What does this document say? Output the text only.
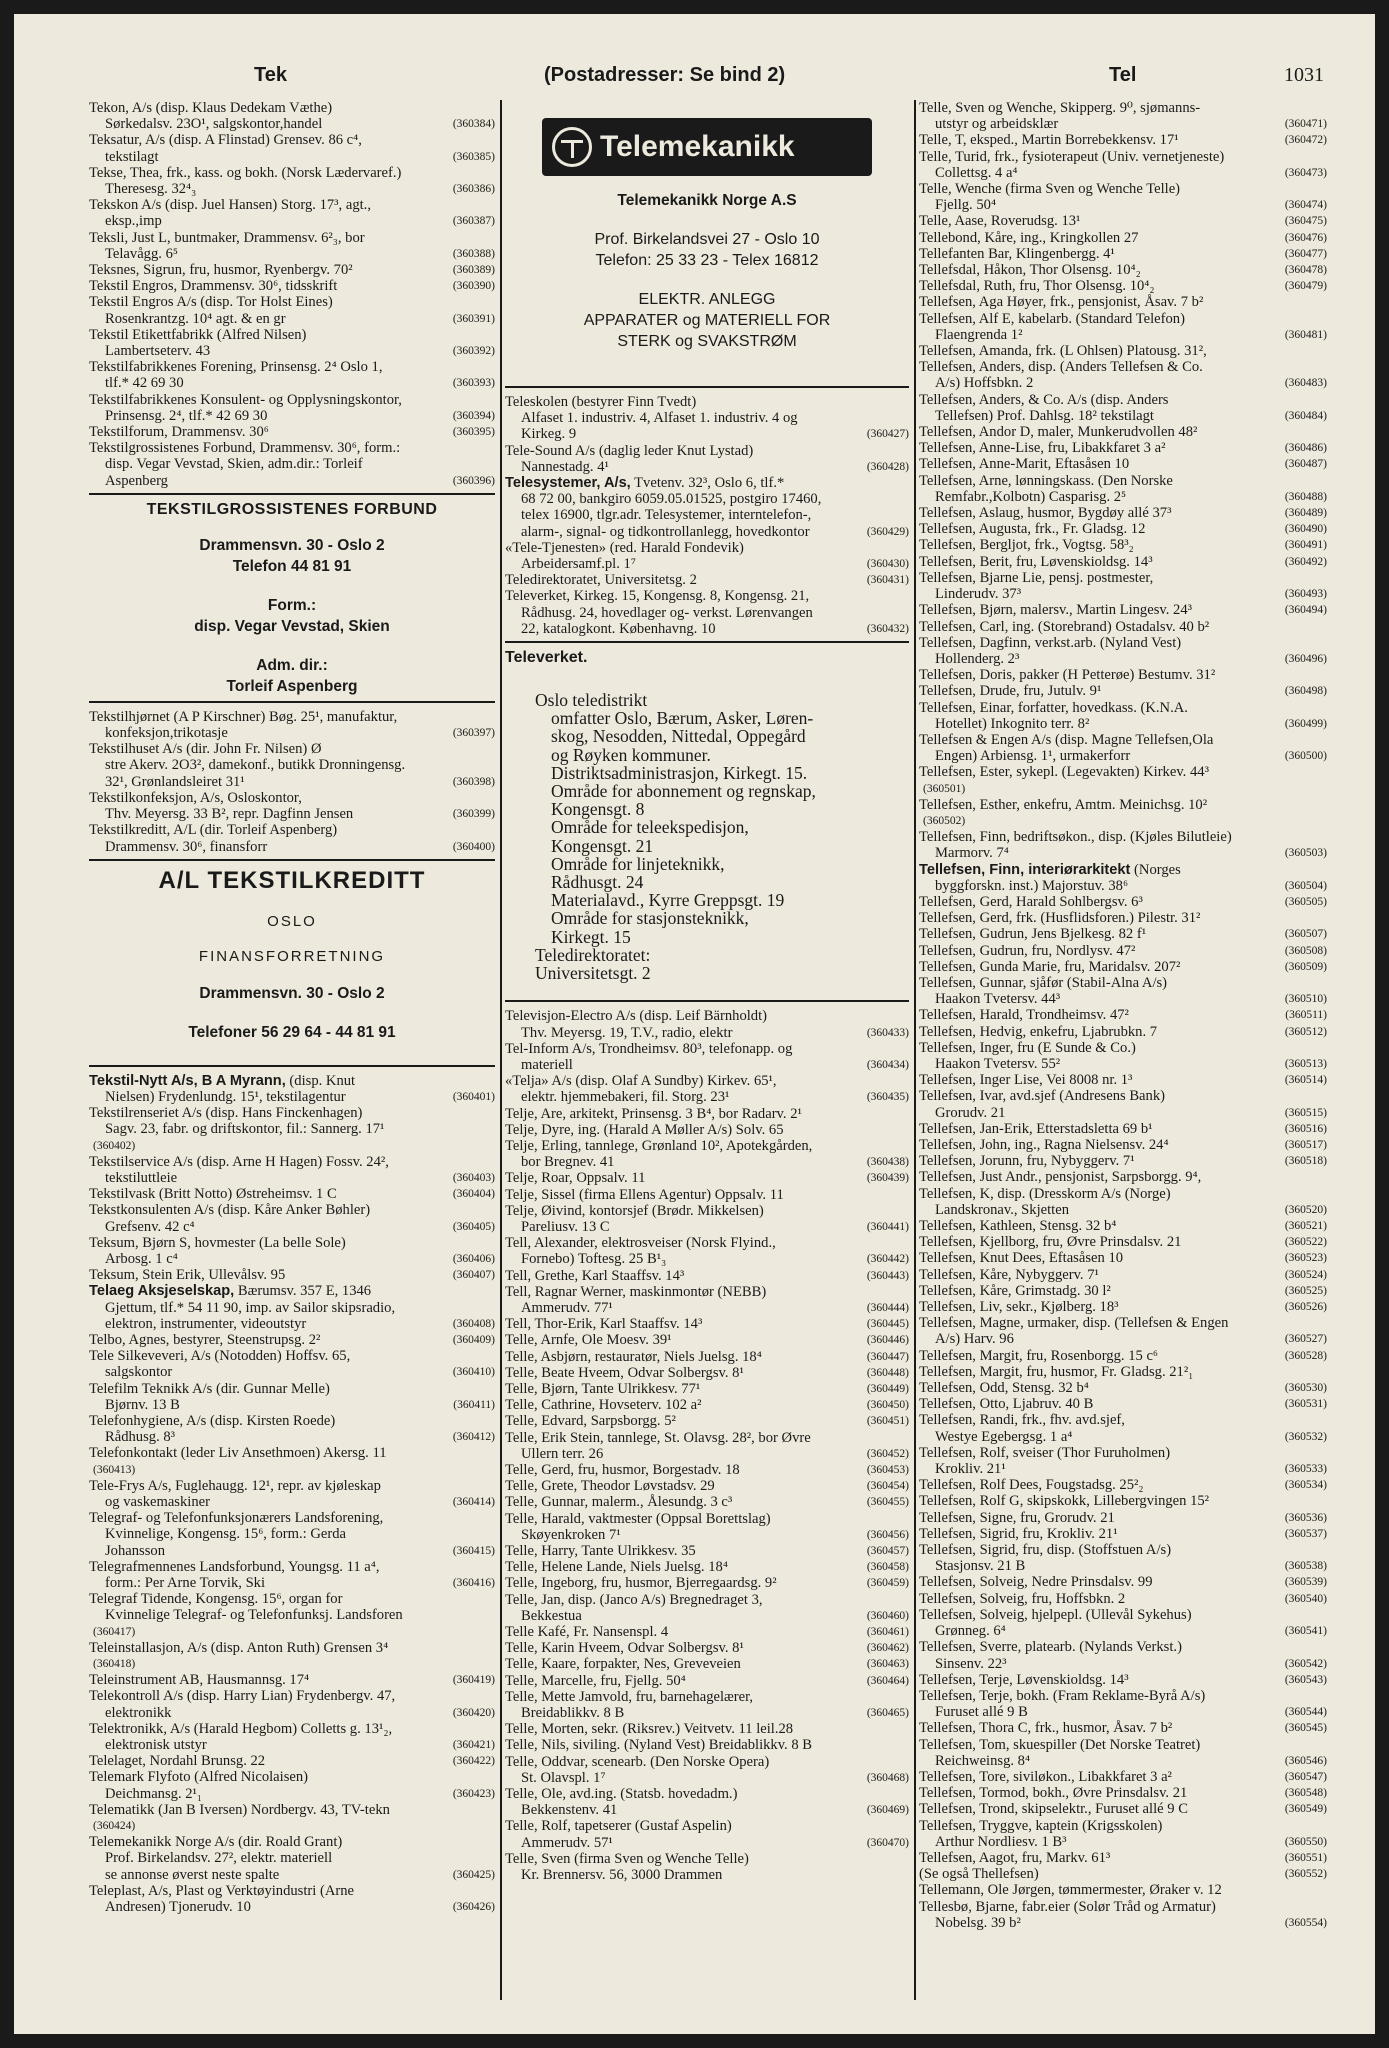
Tek	(Postadresser: Se bind 2)	Tel	1031
Tekon, A/s (disp. Klaus Dedekam Væthe)
Sørkedalsv. 23O¹, salgskontor,handel	(360384)
Teksatur, A/s (disp. A Flinstad) Grensev. 86 c⁴,
tekstilagt	(360385)
Tekse, Thea, frk., kass. og bokh. (Norsk Lædervaref.)
Theresesg. 32⁴₃	(360386)
Tekskon A/s (disp. Juel Hansen) Storg. 17³, agt.,
eksp.,imp	(360387)
Teksli, Just L, buntmaker, Drammensv. 6²₃, bor
Telavågg. 6⁵	(360388)
Teksnes, Sigrun, fru, husmor, Ryenbergv. 70²	(360389)
Tekstil Engros, Drammensv. 30⁶, tidsskrift	(360390)
Tekstil Engros A/s (disp. Tor Holst Eines)
Rosenkrantzg. 10⁴ agt. & en gr	(360391)
Tekstil Etikettfabrikk (Alfred Nilsen)
Lambertseterv. 43	(360392)
Tekstilfabrikkenes Forening, Prinsensg. 2⁴ Oslo 1,
tlf.* 42 69 30	(360393)
Tekstilfabrikkenes Konsulent- og Opplysningskontor,
Prinsensg. 2⁴, tlf.* 42 69 30	(360394)
Tekstilforum, Drammensv. 30⁶	(360395)
Tekstilgrossistenes Forbund, Drammensv. 30⁶, form.:
disp. Vegar Vevstad, Skien, adm.dir.: Torleif
Aspenberg	(360396)
TEKSTILGROSSISTENES FORBUND
Drammensvn. 30 - Oslo 2
Telefon 44 81 91
Form.:
disp. Vegar Vevstad, Skien
Adm. dir.:
Torleif Aspenberg
Tekstilhjørnet (A P Kirschner) Bøg. 25¹, manufaktur,
konfeksjon,trikotasje	(360397)
Tekstilhuset A/s (dir. John Fr. Nilsen) Ø
stre Akerv. 2O3², damekonf., butikk Dronningensg.
32¹, Grønlandsleiret 31¹	(360398)
Tekstilkonfeksjon, A/s, Osloskontor,
Thv. Meyersg. 33 B², repr. Dagfinn Jensen	(360399)
Tekstilkreditt, A/L (dir. Torleif Aspenberg)
Drammensv. 30⁶, finansforr	(360400)
A/L TEKSTILKREDITT
OSLO
FINANSFORRETNING
Drammensvn. 30 - Oslo 2
Telefoner 56 29 64 - 44 81 91
Tekstil-Nytt A/s, B A Myrann, (disp. Knut
Nielsen) Frydenlundg. 15¹, tekstilagentur	(360401)
Tekstilrenseriet A/s (disp. Hans Finckenhagen)
Sagv. 23, fabr. og driftskontor, fil.: Sannerg. 17¹
(360402)
Tekstilservice A/s (disp. Arne H Hagen) Fossv. 24²,
tekstiluttleie	(360403)
Tekstilvask (Britt Notto) Østreheimsv. 1 C	(360404)
Tekstkonsulenten A/s (disp. Kåre Anker Bøhler)
Grefsenv. 42 c⁴	(360405)
Teksum, Bjørn S, hovmester (La belle Sole)
Arbosg. 1 c⁴	(360406)
Teksum, Stein Erik, Ullevålsv. 95	(360407)
Telaeg Aksjeselskap, Bærumsv. 357 E, 1346
Gjettum, tlf.* 54 11 90, imp. av Sailor skipsradio,
elektron, instrumenter, videoutstyr	(360408)
Telbo, Agnes, bestyrer, Steenstrupsg. 2²	(360409)
Tele Silkeveveri, A/s (Notodden) Hoffsv. 65,
salgskontor	(360410)
Telefilm Teknikk A/s (dir. Gunnar Melle)
Bjørnv. 13 B	(360411)
Telefonhygiene, A/s (disp. Kirsten Roede)
Rådhusg. 8³	(360412)
Telefonkontakt (leder Liv Ansethmoen) Akersg. 11
(360413)
Tele-Frys A/s, Fuglehaugg. 12¹, repr. av kjøleskap
og vaskemaskiner	(360414)
Telegraf- og Telefonfunksjonærers Landsforening,
Kvinnelige, Kongensg. 15⁶, form.: Gerda
Johansson	(360415)
Telegrafmennenes Landsforbund, Youngsg. 11 a⁴,
form.: Per Arne Torvik, Ski	(360416)
Telegraf Tidende, Kongensg. 15⁶, organ for
Kvinnelige Telegraf- og Telefonfunksj. Landsforen
(360417)
Teleinstallasjon, A/s (disp. Anton Ruth) Grensen 3⁴
(360418)
Teleinstrument AB, Hausmannsg. 17⁴	(360419)
Telekontroll A/s (disp. Harry Lian) Frydenbergv. 47,
elektronikk	(360420)
Telektronikk, A/s (Harald Hegbom) Colletts g. 13¹₂,
elektronisk utstyr	(360421)
Telelaget, Nordahl Brunsg. 22	(360422)
Telemark Flyfoto (Alfred Nicolaisen)
Deichmansg. 2¹₁	(360423)
Telematikk (Jan B Iversen) Nordbergv. 43, TV-tekn
(360424)
Telemekanikk Norge A/s (dir. Roald Grant)
Prof. Birkelandsv. 27², elektr. materiell
se annonse øverst neste spalte	(360425)
Teleplast, A/s, Plast og Verktøyindustri (Arne
Andresen) Tjonerudv. 10	(360426)
Telemekanikk
Telemekanikk Norge A.S
Prof. Birkelandsvei 27 - Oslo 10
Telefon: 25 33 23 - Telex 16812
ELEKTR. ANLEGG
APPARATER og MATERIELL FOR
STERK og SVAKSTRØM
Teleskolen (bestyrer Finn Tvedt)
Alfaset 1. industriv. 4, Alfaset 1. industriv. 4 og
Kirkeg. 9	(360427)
Tele-Sound A/s (daglig leder Knut Lystad)
Nannestadg. 4¹	(360428)
Telesystemer, A/s, Tvetenv. 32³, Oslo 6, tlf.*
68 72 00, bankgiro 6059.05.01525, postgiro 17460,
telex 16900, tlgr.adr. Telesystemer, interntelefon-,
alarm-, signal- og tidkontrollanlegg, hovedkontor	(360429)
«Tele-Tjenesten» (red. Harald Fondevik)
Arbeidersamf.pl. 1⁷	(360430)
Teledirektoratet, Universitetsg. 2	(360431)
Televerket, Kirkeg. 15, Kongensg. 8, Kongensg. 21,
Rådhusg. 24, hovedlager og- verkst. Lørenvangen
22, katalogkont. Københavng. 10	(360432)
Televerket.
Oslo teledistrikt
omfatter Oslo, Bærum, Asker, Løren-
skog, Nesodden, Nittedal, Oppegård
og Røyken kommuner.
Distriktsadministrasjon, Kirkegt. 15.
Område for abonnement og regnskap,
Kongensgt. 8
Område for teleekspedisjon,
Kongensgt. 21
Område for linjeteknikk,
Rådhusgt. 24
Materialavd., Kyrre Greppsgt. 19
Område for stasjonsteknikk,
Kirkegt. 15
Teledirektoratet:
Universitetsgt. 2
Televisjon-Electro A/s (disp. Leif Bärnholdt)
Thv. Meyersg. 19, T.V., radio, elektr	(360433)
Tel-Inform A/s, Trondheimsv. 80³, telefonapp. og
materiell	(360434)
«Telja» A/s (disp. Olaf A Sundby) Kirkev. 65¹,
elektr. hjemmebakeri, fil. Storg. 23¹	(360435)
Telje, Are, arkitekt, Prinsensg. 3 B⁴, bor Radarv. 2¹
Telje, Dyre, ing. (Harald A Møller A/s) Solv. 65
Telje, Erling, tannlege, Grønland 10², Apotekgården,
bor Bregnev. 41	(360438)
Telje, Roar, Oppsalv. 11	(360439)
Telje, Sissel (firma Ellens Agentur) Oppsalv. 11
Telje, Øivind, kontorsjef (Brødr. Mikkelsen)
Pareliusv. 13 C	(360441)
Tell, Alexander, elektrosveiser (Norsk Flyind.,
Fornebo) Toftesg. 25 B¹₃	(360442)
Tell, Grethe, Karl Staaffsv. 14³	(360443)
Tell, Ragnar Werner, maskinmontør (NEBB)
Ammerudv. 77¹	(360444)
Tell, Thor-Erik, Karl Staaffsv. 14³	(360445)
Telle, Arnfe, Ole Moesv. 39¹	(360446)
Telle, Asbjørn, restauratør, Niels Juelsg. 18⁴	(360447)
Telle, Beate Hveem, Odvar Solbergsv. 8¹	(360448)
Telle, Bjørn, Tante Ulrikkesv. 77¹	(360449)
Telle, Cathrine, Hovseterv. 102 a²	(360450)
Telle, Edvard, Sarpsborgg. 5²	(360451)
Telle, Erik Stein, tannlege, St. Olavsg. 28², bor Øvre
Ullern terr. 26	(360452)
Telle, Gerd, fru, husmor, Borgestadv. 18	(360453)
Telle, Grete, Theodor Løvstadsv. 29	(360454)
Telle, Gunnar, malerm., Ålesundg. 3 c³	(360455)
Telle, Harald, vaktmester (Oppsal Borettslag)
Skøyenkroken 7¹	(360456)
Telle, Harry, Tante Ulrikkesv. 35	(360457)
Telle, Helene Lande, Niels Juelsg. 18⁴	(360458)
Telle, Ingeborg, fru, husmor, Bjerregaardsg. 9²	(360459)
Telle, Jan, disp. (Janco A/s) Bregnedraget 3,
Bekkestua	(360460)
Telle Kafé, Fr. Nansenspl. 4	(360461)
Telle, Karin Hveem, Odvar Solbergsv. 8¹	(360462)
Telle, Kaare, forpakter, Nes, Greveveien	(360463)
Telle, Marcelle, fru, Fjellg. 50⁴	(360464)
Telle, Mette Jamvold, fru, barnehagelærer,
Breidablikkv. 8 B	(360465)
Telle, Morten, sekr. (Riksrev.) Veitvetv. 11 leil.28
Telle, Nils, siviling. (Nyland Vest) Breidablikkv. 8 B
Telle, Oddvar, scenearb. (Den Norske Opera)
St. Olavspl. 1⁷	(360468)
Telle, Ole, avd.ing. (Statsb. hovedadm.)
Bekkenstenv. 41	(360469)
Telle, Rolf, tapetserer (Gustaf Aspelin)
Ammerudv. 57¹	(360470)
Telle, Sven (firma Sven og Wenche Telle)
Kr. Brennersv. 56, 3000 Drammen
Telle, Sven og Wenche, Skipperg. 9⁰, sjømanns-
utstyr og arbeidsklær	(360471)
Telle, T, eksped., Martin Borrebekkensv. 17¹	(360472)
Telle, Turid, frk., fysioterapeut (Univ. vernetjeneste)
Collettsg. 4 a⁴	(360473)
Telle, Wenche (firma Sven og Wenche Telle)
Fjellg. 50⁴	(360474)
Telle, Aase, Roverudsg. 13¹	(360475)
Tellebond, Kåre, ing., Kringkollen 27	(360476)
Tellefanten Bar, Klingenbergg. 4¹	(360477)
Tellefsdal, Håkon, Thor Olsensg. 10⁴₂	(360478)
Tellefsdal, Ruth, fru, Thor Olsensg. 10⁴₂	(360479)
Tellefsen, Aga Høyer, frk., pensjonist, Åsav. 7 b²
Tellefsen, Alf E, kabelarb. (Standard Telefon)
Flaengrenda 1²	(360481)
Tellefsen, Amanda, frk. (L Ohlsen) Platousg. 31²,
Tellefsen, Anders, disp. (Anders Tellefsen & Co.
A/s) Hoffsbkn. 2	(360483)
Tellefsen, Anders, & Co. A/s (disp. Anders
Tellefsen) Prof. Dahlsg. 18² tekstilagt	(360484)
Tellefsen, Andor D, maler, Munkerudvollen 48²
Tellefsen, Anne-Lise, fru, Libakkfaret 3 a²	(360486)
Tellefsen, Anne-Marit, Eftasåsen 10	(360487)
Tellefsen, Arne, lønningskass. (Den Norske
Remfabr.,Kolbotn) Casparisg. 2⁵	(360488)
Tellefsen, Aslaug, husmor, Bygdøy allé 37³	(360489)
Tellefsen, Augusta, frk., Fr. Gladsg. 12	(360490)
Tellefsen, Bergljot, frk., Vogtsg. 58³₂	(360491)
Tellefsen, Berit, fru, Løvenskioldsg. 14³	(360492)
Tellefsen, Bjarne Lie, pensj. postmester,
Linderudv. 37³	(360493)
Tellefsen, Bjørn, malersv., Martin Lingesv. 24³	(360494)
Tellefsen, Carl, ing. (Storebrand) Ostadalsv. 40 b²
Tellefsen, Dagfinn, verkst.arb. (Nyland Vest)
Hollenderg. 2³	(360496)
Tellefsen, Doris, pakker (H Petterøe) Bestumv. 31²
Tellefsen, Drude, fru, Jutulv. 9¹	(360498)
Tellefsen, Einar, forfatter, hovedkass. (K.N.A.
Hotellet) Inkognito terr. 8²	(360499)
Tellefsen & Engen A/s (disp. Magne Tellefsen,Ola
Engen) Arbiensg. 1¹, urmakerforr	(360500)
Tellefsen, Ester, sykepl. (Legevakten) Kirkev. 44³
(360501)
Tellefsen, Esther, enkefru, Amtm. Meinichsg. 10²
(360502)
Tellefsen, Finn, bedriftsøkon., disp. (Kjøles Bilutleie)
Marmorv. 7⁴	(360503)
Tellefsen, Finn, interiørarkitekt (Norges
byggforskn. inst.) Majorstuv. 38⁶	(360504)
Tellefsen, Gerd, Harald Sohlbergsv. 6³	(360505)
Tellefsen, Gerd, frk. (Husflidsforen.) Pilestr. 31²
Tellefsen, Gudrun, Jens Bjelkesg. 82 f¹	(360507)
Tellefsen, Gudrun, fru, Nordlysv. 47²	(360508)
Tellefsen, Gunda Marie, fru, Maridalsv. 207²	(360509)
Tellefsen, Gunnar, sjåfør (Stabil-Alna A/s)
Haakon Tvetersv. 44³	(360510)
Tellefsen, Harald, Trondheimsv. 47²	(360511)
Tellefsen, Hedvig, enkefru, Ljabrubkn. 7	(360512)
Tellefsen, Inger, fru (E Sunde & Co.)
Haakon Tvetersv. 55²	(360513)
Tellefsen, Inger Lise, Vei 8008 nr. 1³	(360514)
Tellefsen, Ivar, avd.sjef (Andresens Bank)
Grorudv. 21	(360515)
Tellefsen, Jan-Erik, Etterstadsletta 69 b¹	(360516)
Tellefsen, John, ing., Ragna Nielsensv. 24⁴	(360517)
Tellefsen, Jorunn, fru, Nybyggerv. 7¹	(360518)
Tellefsen, Just Andr., pensjonist, Sarpsborgg. 9⁴,
Tellefsen, K, disp. (Dresskorm A/s (Norge)
Landskronav., Skjetten	(360520)
Tellefsen, Kathleen, Stensg. 32 b⁴	(360521)
Tellefsen, Kjellborg, fru, Øvre Prinsdalsv. 21	(360522)
Tellefsen, Knut Dees, Eftasåsen 10	(360523)
Tellefsen, Kåre, Nybyggerv. 7¹	(360524)
Tellefsen, Kåre, Grimstadg. 30 l²	(360525)
Tellefsen, Liv, sekr., Kjølberg. 18³	(360526)
Tellefsen, Magne, urmaker, disp. (Tellefsen & Engen
A/s) Harv. 96	(360527)
Tellefsen, Margit, fru, Rosenborgg. 15 c⁶	(360528)
Tellefsen, Margit, fru, husmor, Fr. Gladsg. 21²₁
Tellefsen, Odd, Stensg. 32 b⁴	(360530)
Tellefsen, Otto, Ljabruv. 40 B	(360531)
Tellefsen, Randi, frk., fhv. avd.sjef,
Westye Egebergsg. 1 a⁴	(360532)
Tellefsen, Rolf, sveiser (Thor Furuholmen)
Krokliv. 21¹	(360533)
Tellefsen, Rolf Dees, Fougstadsg. 25²₂	(360534)
Tellefsen, Rolf G, skipskokk, Lillebergvingen 15²
Tellefsen, Signe, fru, Grorudv. 21	(360536)
Tellefsen, Sigrid, fru, Krokliv. 21¹	(360537)
Tellefsen, Sigrid, fru, disp. (Stoffstuen A/s)
Stasjonsv. 21 B	(360538)
Tellefsen, Solveig, Nedre Prinsdalsv. 99	(360539)
Tellefsen, Solveig, fru, Hoffsbkn. 2	(360540)
Tellefsen, Solveig, hjelpepl. (Ullevål Sykehus)
Grønneg. 6⁴	(360541)
Tellefsen, Sverre, platearb. (Nylands Verkst.)
Sinsenv. 22³	(360542)
Tellefsen, Terje, Løvenskioldsg. 14³	(360543)
Tellefsen, Terje, bokh. (Fram Reklame-Byrå A/s)
Furuset allé 9 B	(360544)
Tellefsen, Thora C, frk., husmor, Åsav. 7 b²	(360545)
Tellefsen, Tom, skuespiller (Det Norske Teatret)
Reichweinsg. 8⁴	(360546)
Tellefsen, Tore, siviløkon., Libakkfaret 3 a²	(360547)
Tellefsen, Tormod, bokh., Øvre Prinsdalsv. 21	(360548)
Tellefsen, Trond, skipselektr., Furuset allé 9 C	(360549)
Tellefsen, Tryggve, kaptein (Krigsskolen)
Arthur Nordliesv. 1 B³	(360550)
Tellefsen, Aagot, fru, Markv. 61³	(360551)
(Se også Thellefsen)	(360552)
Tellemann, Ole Jørgen, tømmermester, Øraker v. 12
Tellesbø, Bjarne, fabr.eier (Solør Tråd og Armatur)
Nobelsg. 39 b²	(360554)
